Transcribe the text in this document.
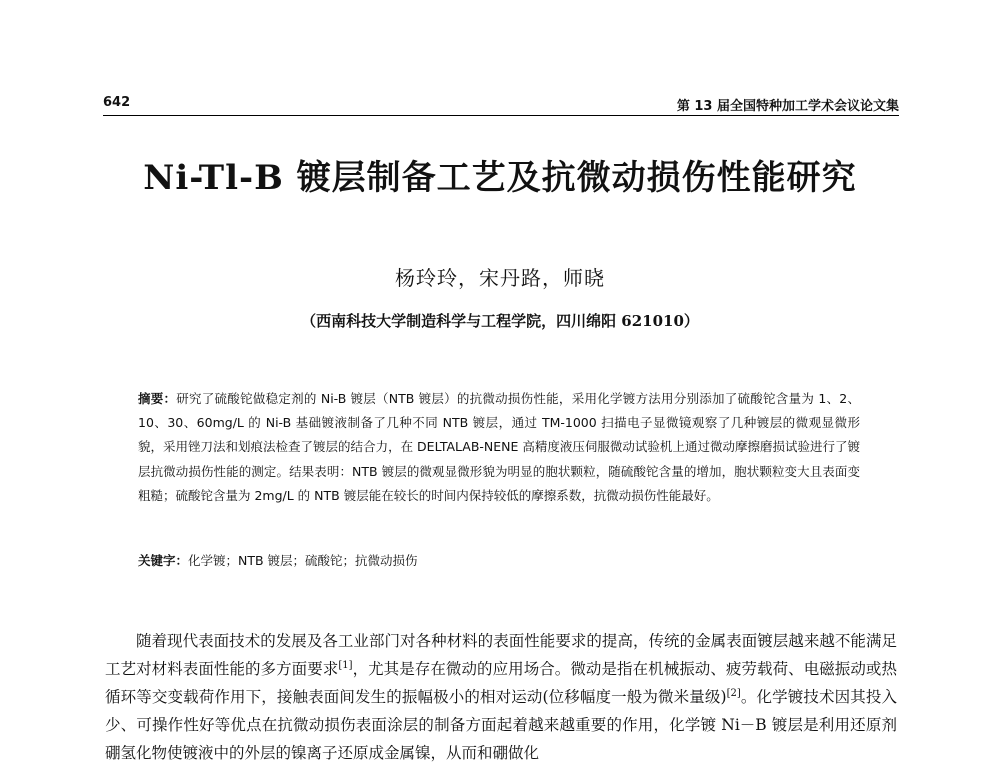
642	第 13 届全国特种加工学术会议论文集
Ni-Tl-B 镀层制备工艺及抗微动损伤性能研究
杨玲玲，宋丹路，师晓
（西南科技大学制造科学与工程学院，四川绵阳 621010）
摘要：研究了硫酸铊做稳定剂的 Ni-B 镀层（NTB 镀层）的抗微动损伤性能，采用化学镀方法用分别添加了硫酸铊含量为 1、2、10、30、60mg/L 的 Ni-B 基础镀液制备了几种不同 NTB 镀层，通过 TM-1000 扫描电子显微镜观察了几种镀层的微观显微形貌，采用锉刀法和划痕法检查了镀层的结合力，在 DELTALAB-NENE 高精度液压伺服微动试验机上通过微动摩擦磨损试验进行了镀层抗微动损伤性能的测定。结果表明：NTB 镀层的微观显微形貌为明显的胞状颗粒，随硫酸铊含量的增加，胞状颗粒变大且表面变粗糙；硫酸铊含量为 2mg/L 的 NTB 镀层能在较长的时间内保持较低的摩擦系数，抗微动损伤性能最好。
关键字：化学镀；NTB 镀层；硫酸铊；抗微动损伤

随着现代表面技术的发展及各工业部门对各种材料的表面性能要求的提高，传统的金属表面镀层越来越不能满足工艺对材料表面性能的多方面要求[1]，尤其是存在微动的应用场合。微动是指在机械振动、疲劳载荷、电磁振动或热循环等交变载荷作用下，接触表面间发生的振幅极小的相对运动(位移幅度一般为微米量级)[2]。化学镀技术因其投入少、可操作性好等优点在抗微动损伤表面涂层的制备方面起着越来越重要的作用，化学镀 Ni－B 镀层是利用还原剂硼氢化物使镀液中的外层的镍离子还原成金属镍，从而和硼做化
